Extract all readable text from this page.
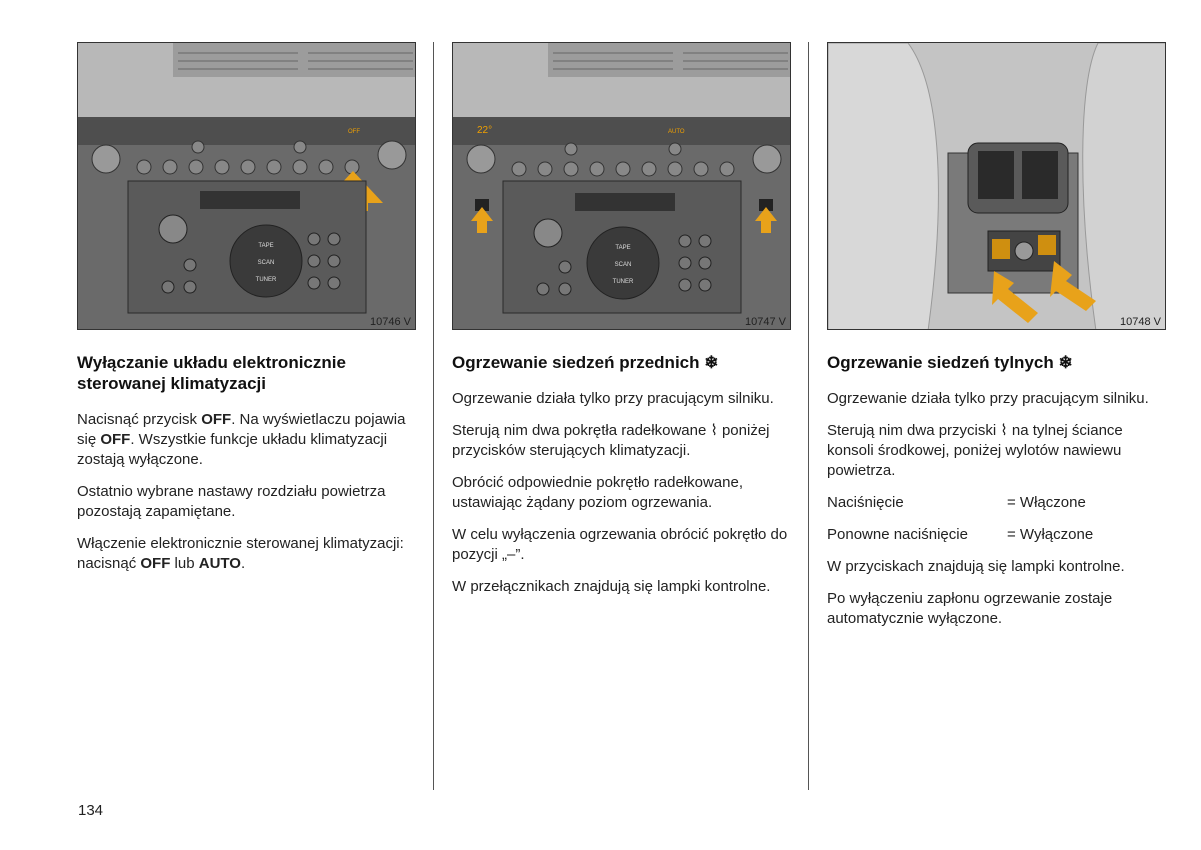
OFF
TAPE
SCAN
TUNER
10746 V
Wyłączanie układu elektronicznie sterowanej klimatyzacji

Nacisnąć przycisk OFF. Na wyświetlaczu pojawia się OFF. Wszystkie funkcje układu klimatyzacji zostają wyłączone.

Ostatnio wybrane nastawy rozdziału powietrza pozostają zapamiętane.

Włączenie elektronicznie sterowanej klimatyzacji: nacisnąć OFF lub AUTO.

22°	AUTO
TAPE
SCAN
TUNER
10747 V
Ogrzewanie siedzeń przednich ❄

Ogrzewanie działa tylko przy pracującym silniku.

Sterują nim dwa pokrętła radełkowane ⌇ poniżej przycisków sterujących klimatyzacji.

Obrócić odpowiednie pokrętło radełkowane, ustawiając żądany poziom ogrzewania.

W celu wyłączenia ogrzewania obrócić pokrętło do pozycji „–”.

W przełącznikach znajdują się lampki kontrolne.

10748 V
Ogrzewanie siedzeń tylnych ❄

Ogrzewanie działa tylko przy pracującym silniku.

Sterują nim dwa przyciski ⌇ na tylnej ściance konsoli środkowej, poniżej wylotów nawiewu powietrza.

Naciśnięcie	= Włączone
Ponowne naciśnięcie	= Wyłączone

W przyciskach znajdują się lampki kontrolne.

Po wyłączeniu zapłonu ogrzewanie zostaje automatycznie wyłączone.

134
